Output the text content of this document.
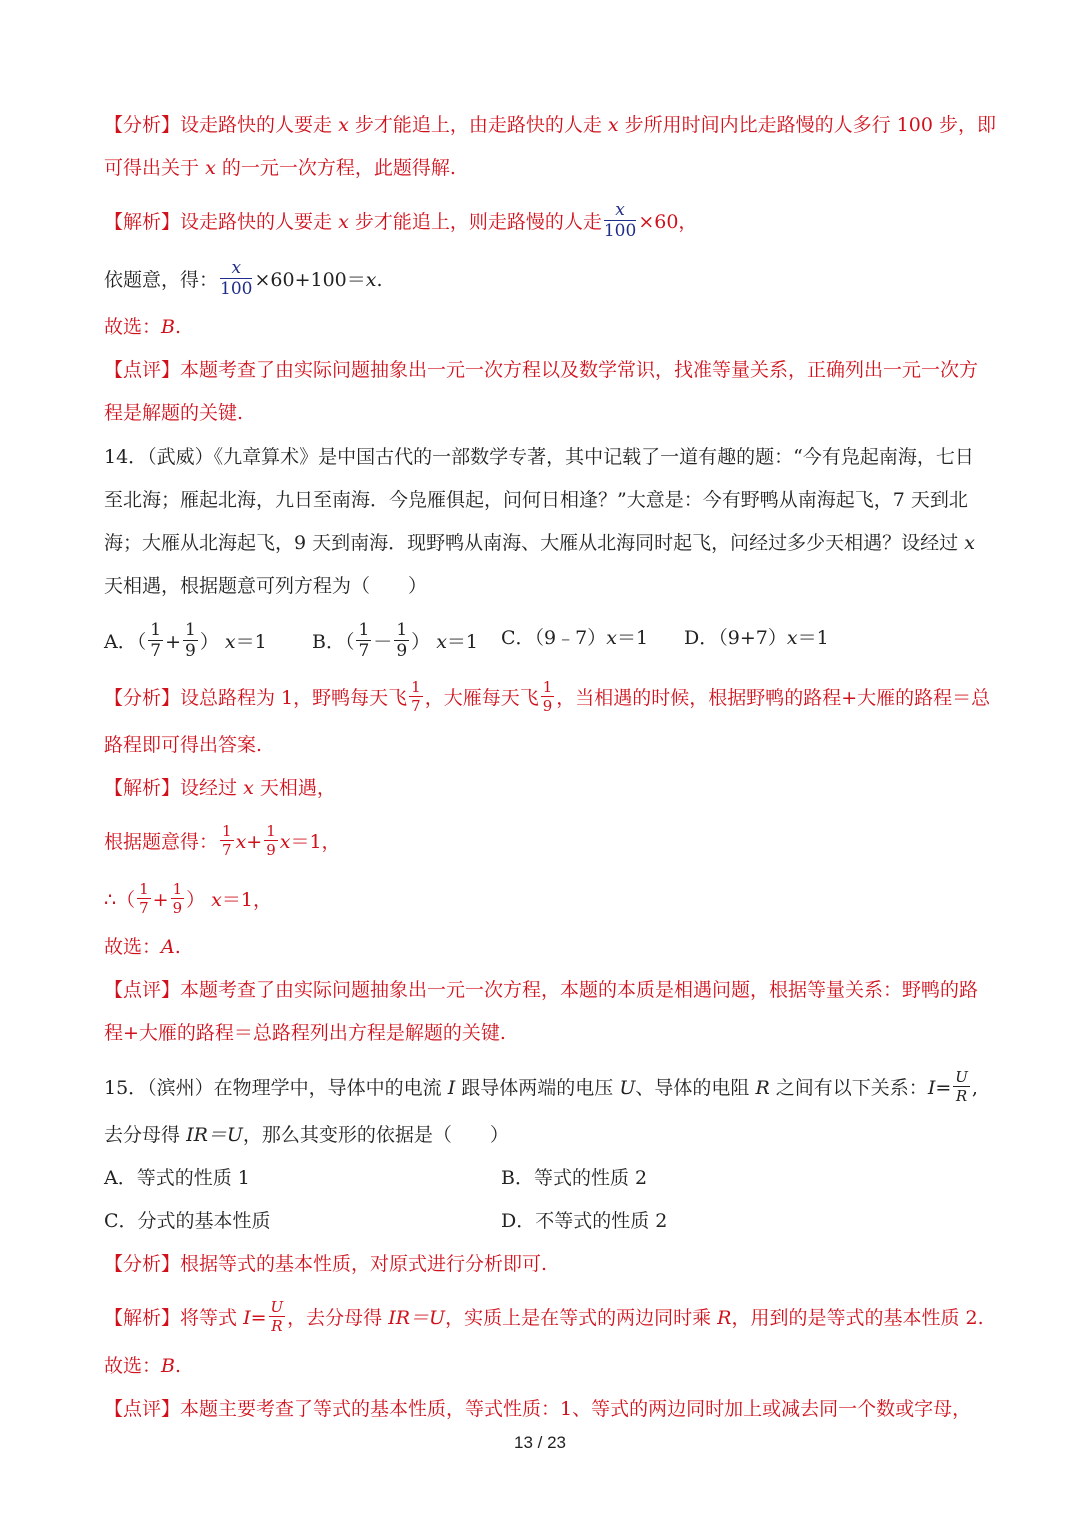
【分析】设走路快的人要走 x 步才能追上，由走路快的人走 x 步所用时间内比走路慢的人多行 100 步，即
可得出关于 x 的一元一次方程，此题得解.
【解析】设走路快的人要走 x 步才能追上，则走路慢的人走 $\frac{x}{100} \times 60$，
依题意，得： $\frac{x}{100} \times 60+100=x$.
故选：B.
【点评】本题考查了由实际问题抽象出一元一次方程以及数学常识，找准等量关系，正确列出一元一次方
程是解题的关键.
14．（武威）《九章算术》是中国古代的一部数学专著，其中记载了一道有趣的题：“今有凫起南海，七日
至北海；雁起北海，九日至南海．今凫雁俱起，问何日相逢？”大意是：今有野鸭从南海起飞，7 天到北
海；大雁从北海起飞，9 天到南海．现野鸭从南海、大雁从北海同时起飞，问经过多少天相遇？设经过 x
天相遇，根据题意可列方程为（　　）
A．（ $\frac{1}{7} + \frac{1}{9}$ ） x＝1 B．（ $\frac{1}{7} - \frac{1}{9}$ ） x＝1 C．（9﹣7）x＝1 D．（9+7）x＝1
【分析】设总路程为 1，野鸭每天飞 $\frac{1}{7}$ ，大雁每天飞 $\frac{1}{9}$ ，当相遇的时候，根据野鸭的路程+大雁的路程＝总
路程即可得出答案.
【解析】设经过 x 天相遇，
根据题意得： $\frac{1}{7} x+ \frac{1}{9} x=1$，
∴（ $\frac{1}{7} + \frac{1}{9}$ ） x＝1，
故选：A.
【点评】本题考查了由实际问题抽象出一元一次方程，本题的本质是相遇问题，根据等量关系：野鸭的路
程+大雁的路程＝总路程列出方程是解题的关键.
15．（滨州）在物理学中，导体中的电流 I 跟导体两端的电压 U、导体的电阻 R 之间有以下关系：$I= \frac{U}{R}$ ,
去分母得 IR＝U，那么其变形的依据是（　　）
A．等式的性质 1	B．等式的性质 2
C．分式的基本性质	D．不等式的性质 2
【分析】根据等式的基本性质，对原式进行分析即可.
【解析】将等式 $I= \frac{U}{R}$ ，去分母得 IR＝U，实质上是在等式的两边同时乘 R，用到的是等式的基本性质 2.
故选：B.
【点评】本题主要考查了等式的基本性质，等式性质：1、等式的两边同时加上或减去同一个数或字母，
13 / 23
